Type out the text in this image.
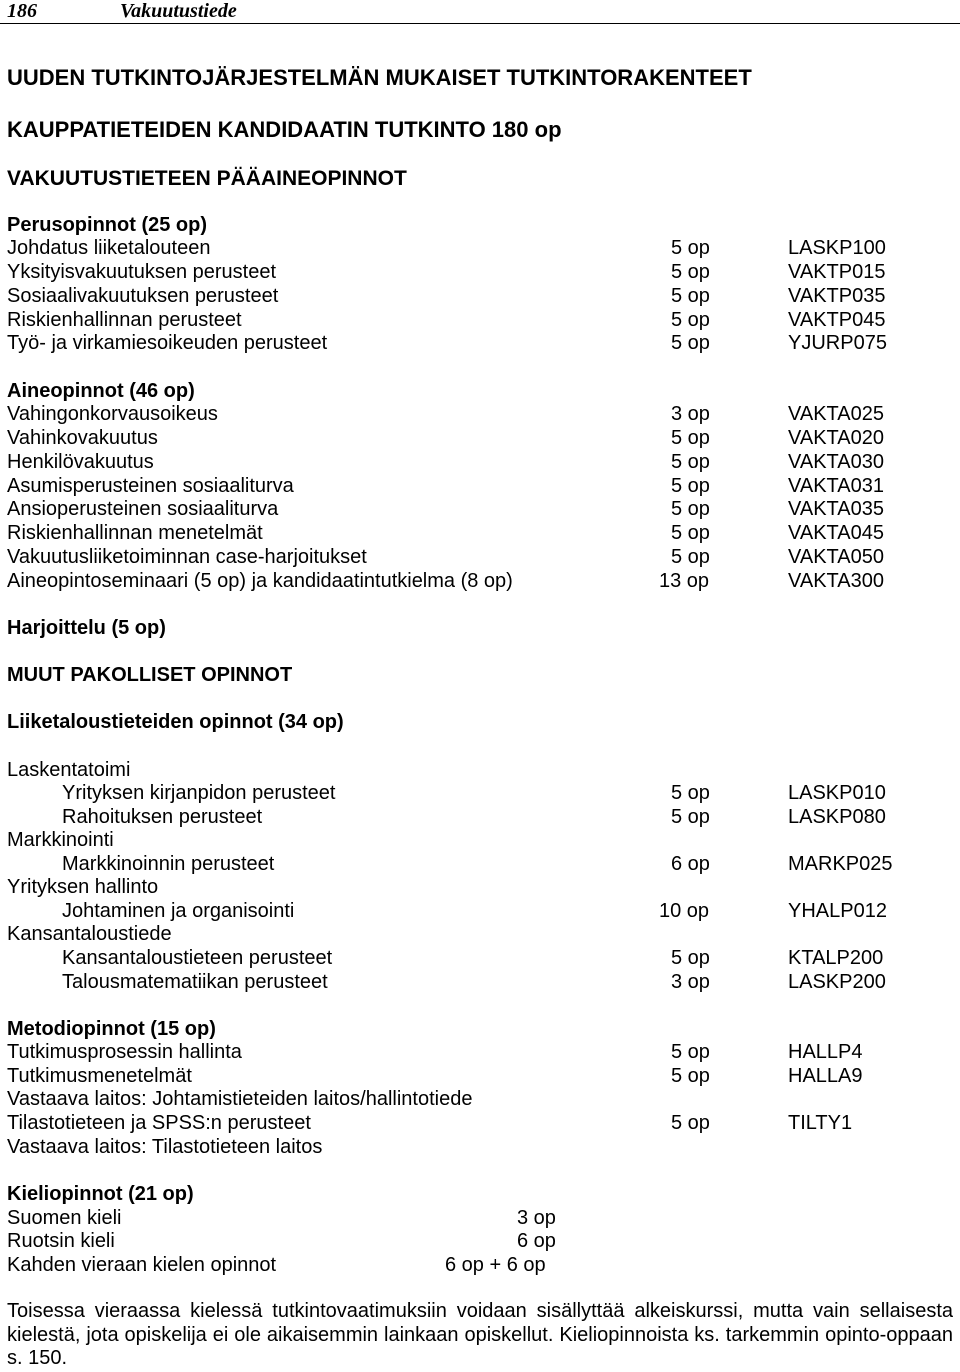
186	Vakuutustiede
UUDEN TUTKINTOJÄRJESTELMÄN MUKAISET TUTKINTORAKENTEET
KAUPPATIETEIDEN KANDIDAATIN TUTKINTO 180 op
VAKUUTUSTIETEEN PÄÄAINEOPINNOT
Perusopinnot (25 op)
Johdatus liiketalouteen	5 op	LASKP100
Yksityisvakuutuksen perusteet	5 op	VAKTP015
Sosiaalivakuutuksen perusteet	5 op	VAKTP035
Riskienhallinnan perusteet	5 op	VAKTP045
Työ- ja virkamiesoikeuden perusteet	5 op	YJURP075
Aineopinnot (46 op)
Vahingonkorvausoikeus	3 op	VAKTA025
Vahinkovakuutus	5 op	VAKTA020
Henkilövakuutus	5 op	VAKTA030
Asumisperusteinen sosiaaliturva	5 op	VAKTA031
Ansioperusteinen sosiaaliturva	5 op	VAKTA035
Riskienhallinnan menetelmät	5 op	VAKTA045
Vakuutusliiketoiminnan case-harjoitukset	5 op	VAKTA050
Aineopintoseminaari (5 op) ja kandidaatintutkielma (8 op)	13 op	VAKTA300
Harjoittelu (5 op)
MUUT PAKOLLISET OPINNOT
Liiketaloustieteiden opinnot (34 op)
Laskentatoimi
Yrityksen kirjanpidon perusteet	5 op	LASKP010
Rahoituksen perusteet	5 op	LASKP080
Markkinointi
Markkinoinnin perusteet	6 op	MARKP025
Yrityksen hallinto
Johtaminen ja organisointi	10 op	YHALP012
Kansantaloustiede
Kansantaloustieteen perusteet	5 op	KTALP200
Talousmatematiikan perusteet	3 op	LASKP200
Metodiopinnot (15 op)
Tutkimusprosessin hallinta	5 op	HALLP4
Tutkimusmenetelmät	5 op	HALLA9
Vastaava laitos: Johtamistieteiden laitos/hallintotiede
Tilastotieteen ja SPSS:n perusteet	5 op	TILTY1
Vastaava laitos: Tilastotieteen laitos
Kieliopinnot (21 op)
Suomen kieli	3 op
Ruotsin kieli	6 op
Kahden vieraan kielen opinnot	6 op + 6 op
Toisessa vieraassa kielessä tutkintovaatimuksiin voidaan sisällyttää alkeiskurssi, mutta vain sellaisesta kielestä, jota opiskelija ei ole aikaisemmin lainkaan opiskellut. Kieliopinnoista ks. tarkemmin opinto-oppaan s. 150.
